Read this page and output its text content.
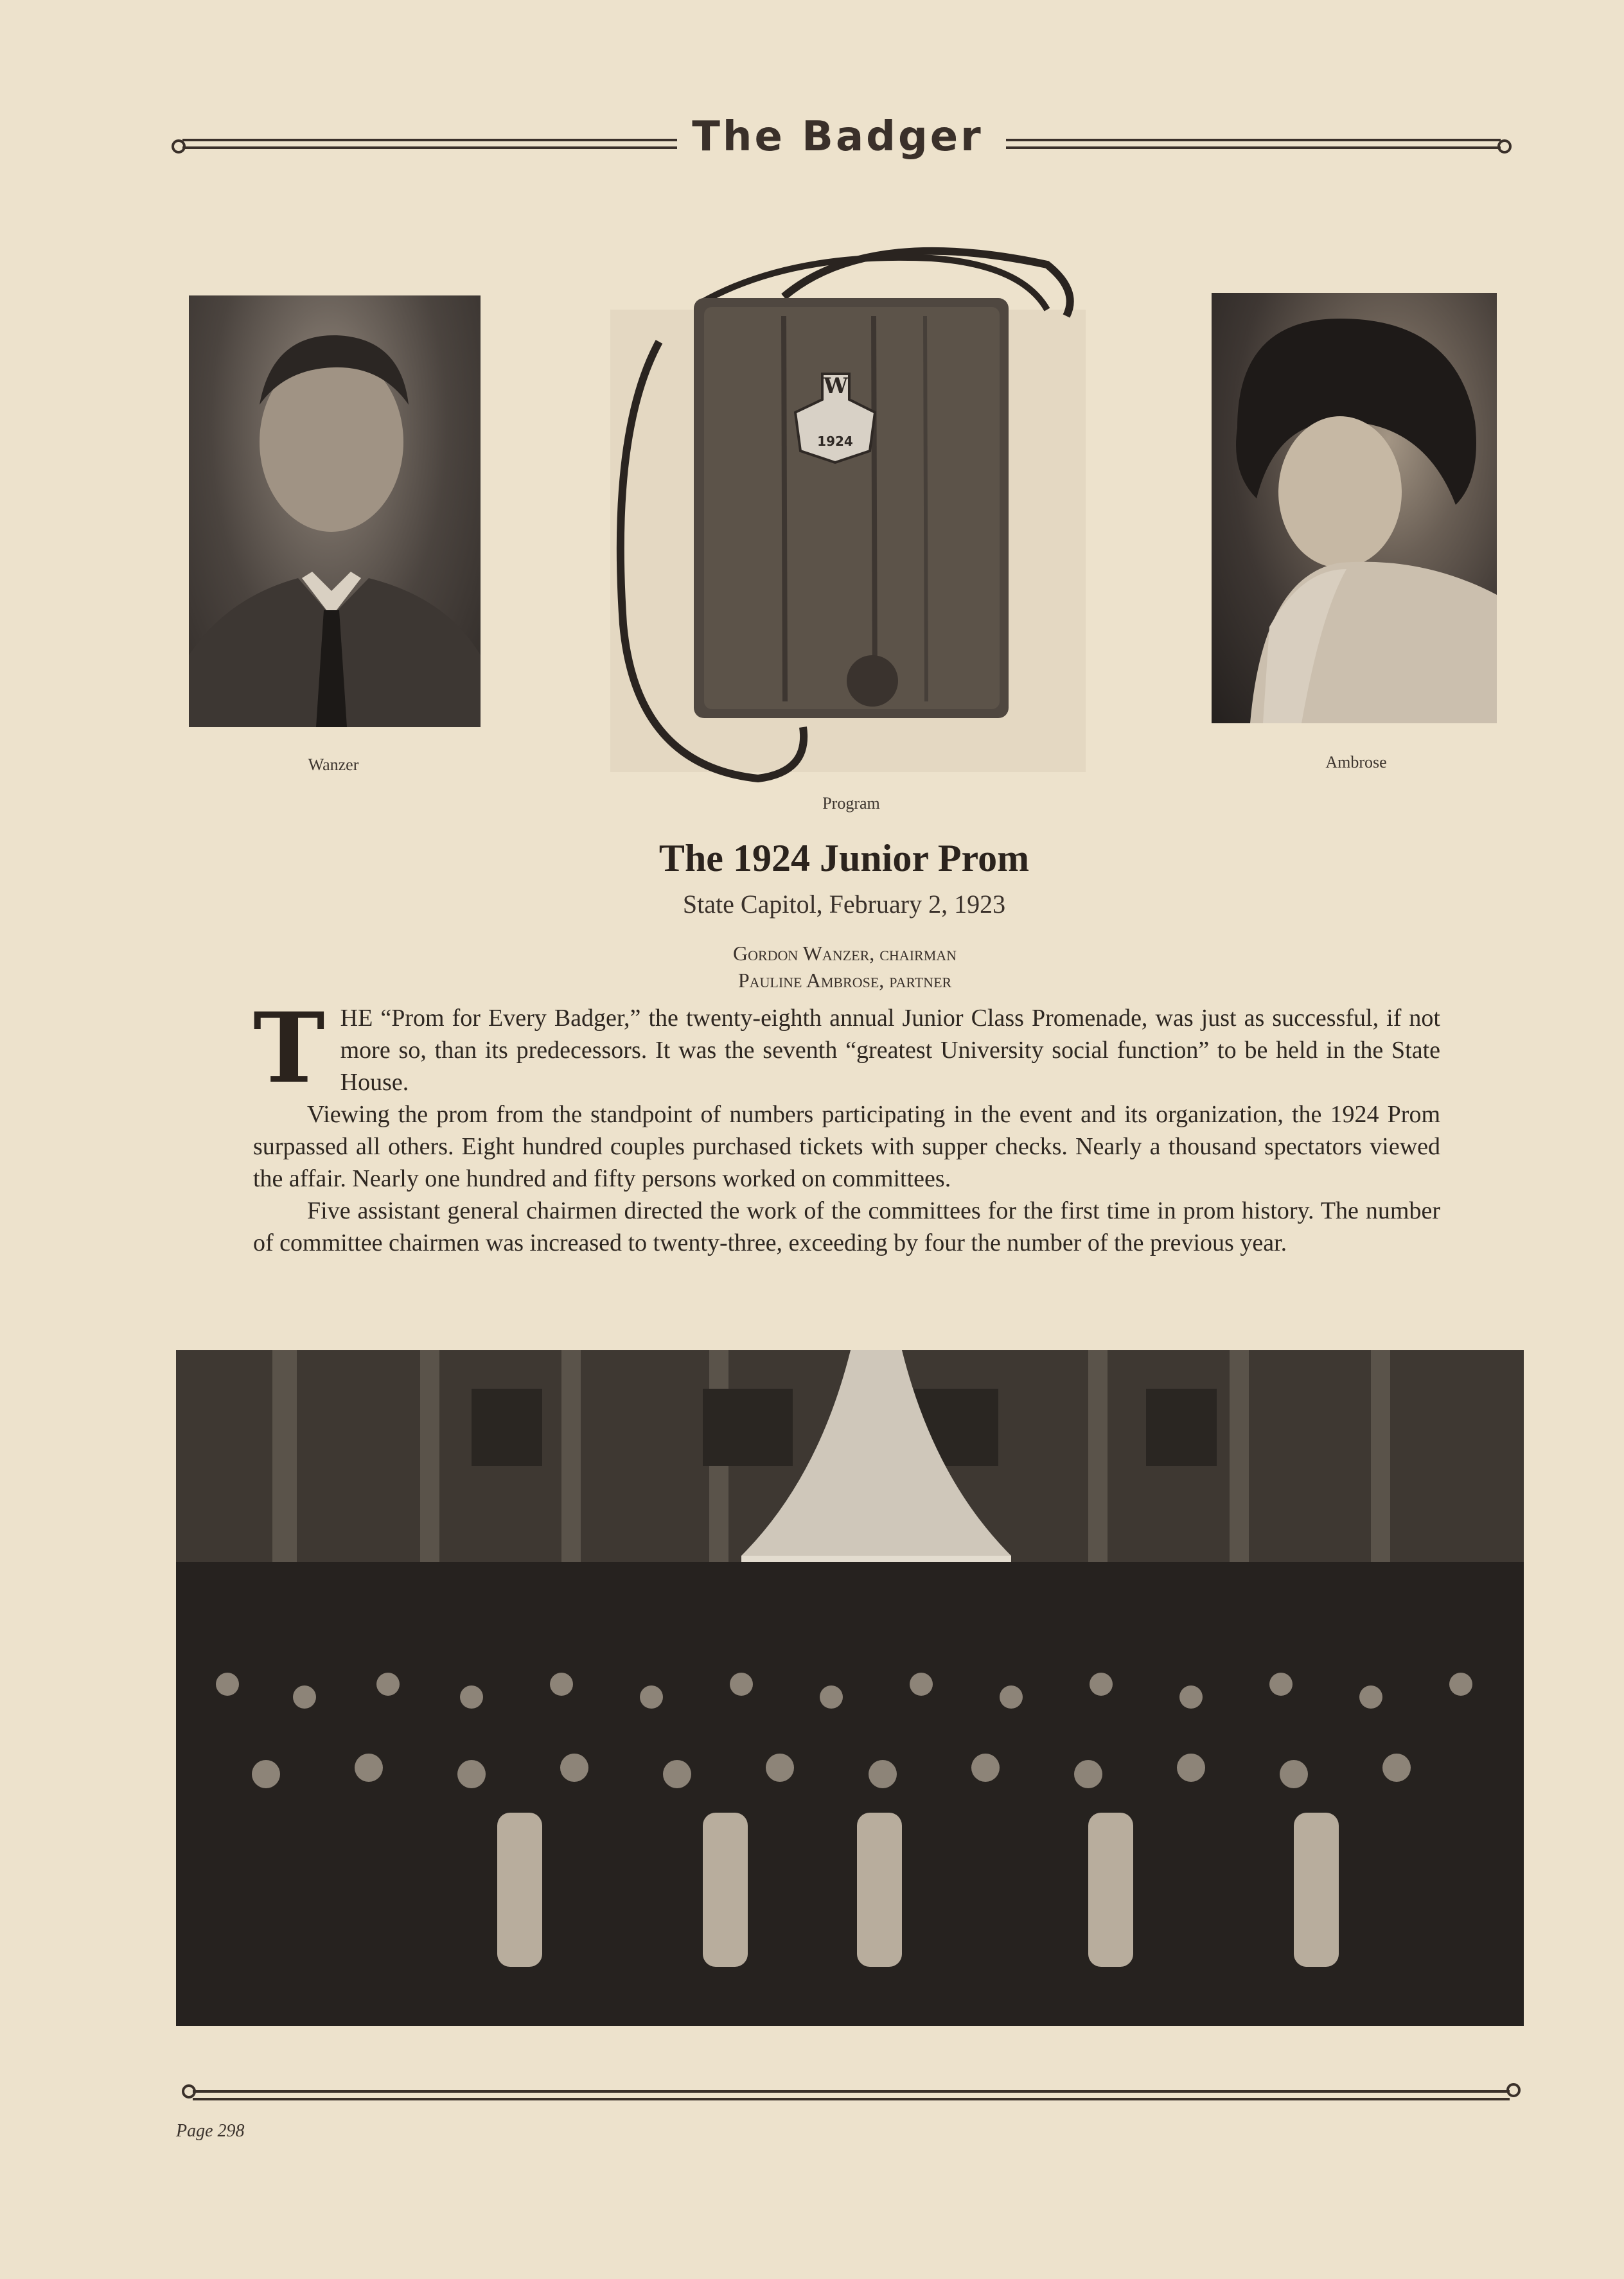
The Badger
Wanzer
W
1924
Program
Ambrose
The 1924 Junior Prom
State Capitol, February 2, 1923
Gordon Wanzer, chairman
Pauline Ambrose, partner

THE “Prom for Every Badger,” the twenty-eighth annual Junior Class Promenade, was just as successful, if not more so, than its predecessors. It was the seventh “greatest University social function” to be held in the State House.

Viewing the prom from the standpoint of numbers participating in the event and its organization, the 1924 Prom surpassed all others. Eight hundred couples purchased tickets with supper checks. Nearly a thousand spectators viewed the affair. Nearly one hundred and fifty persons worked on committees.

Five assistant general chairmen directed the work of the committees for the first time in prom history. The number of committee chairmen was increased to twenty-three, exceeding by four the number of the previous year.

Page 298
